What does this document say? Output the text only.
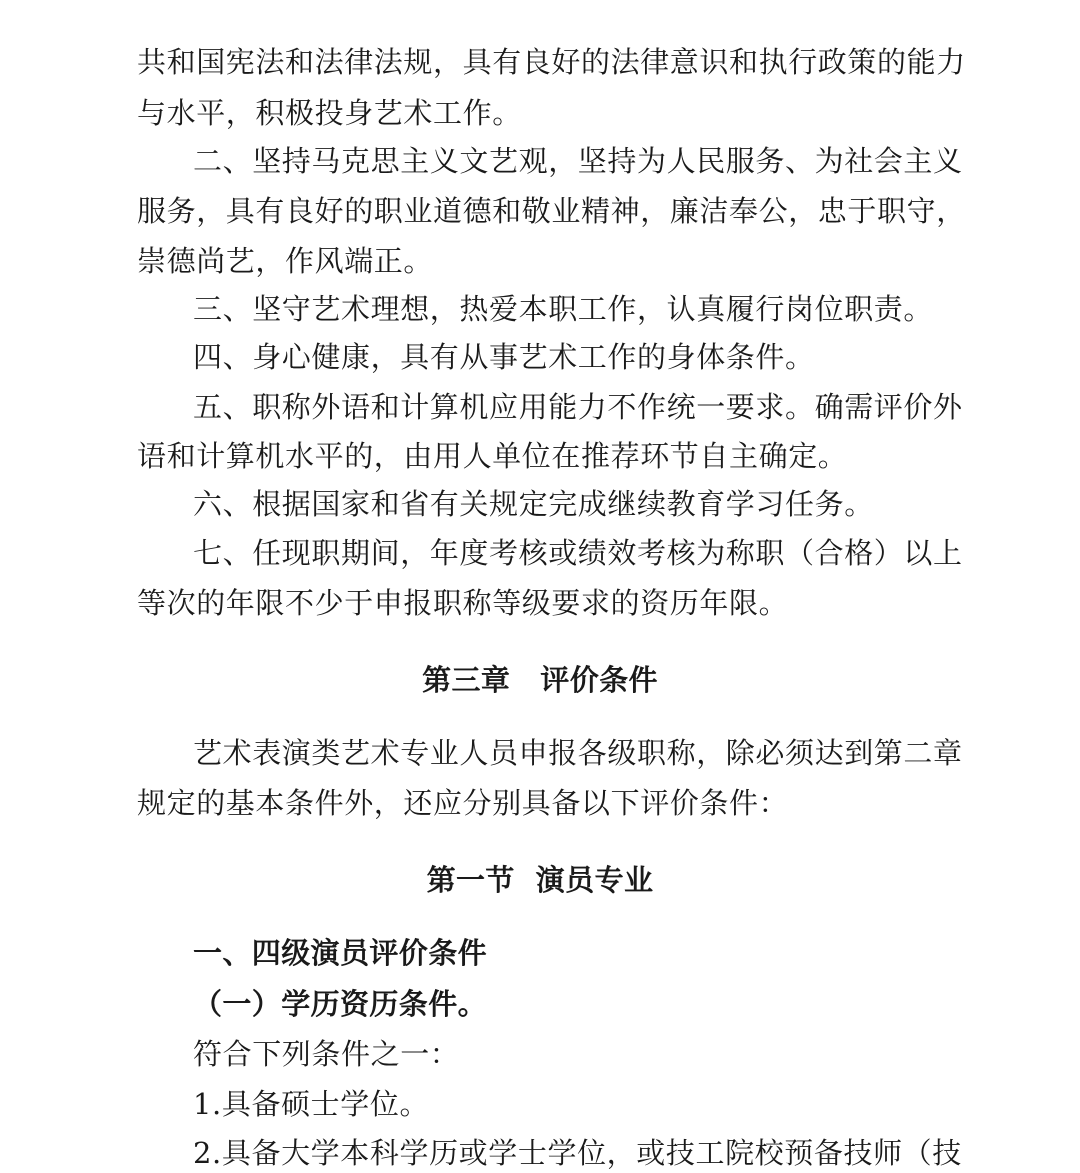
共和国宪法和法律法规，具有良好的法律意识和执行政策的能力
与水平，积极投身艺术工作。
二、坚持马克思主义文艺观，坚持为人民服务、为社会主义
服务，具有良好的职业道德和敬业精神，廉洁奉公，忠于职守，
崇德尚艺，作风端正。
三、坚守艺术理想，热爱本职工作，认真履行岗位职责。
四、身心健康，具有从事艺术工作的身体条件。
五、职称外语和计算机应用能力不作统一要求。确需评价外
语和计算机水平的，由用人单位在推荐环节自主确定。
六、根据国家和省有关规定完成继续教育学习任务。
七、任现职期间，年度考核或绩效考核为称职（合格）以上
等次的年限不少于申报职称等级要求的资历年限。
第三章 评价条件
艺术表演类艺术专业人员申报各级职称，除必须达到第二章
规定的基本条件外，还应分别具备以下评价条件：
第一节  演员专业
一、四级演员评价条件
（一）学历资历条件。
符合下列条件之一：
1.具备硕士学位。
2.具备大学本科学历或学士学位，或技工院校预备技师（技
